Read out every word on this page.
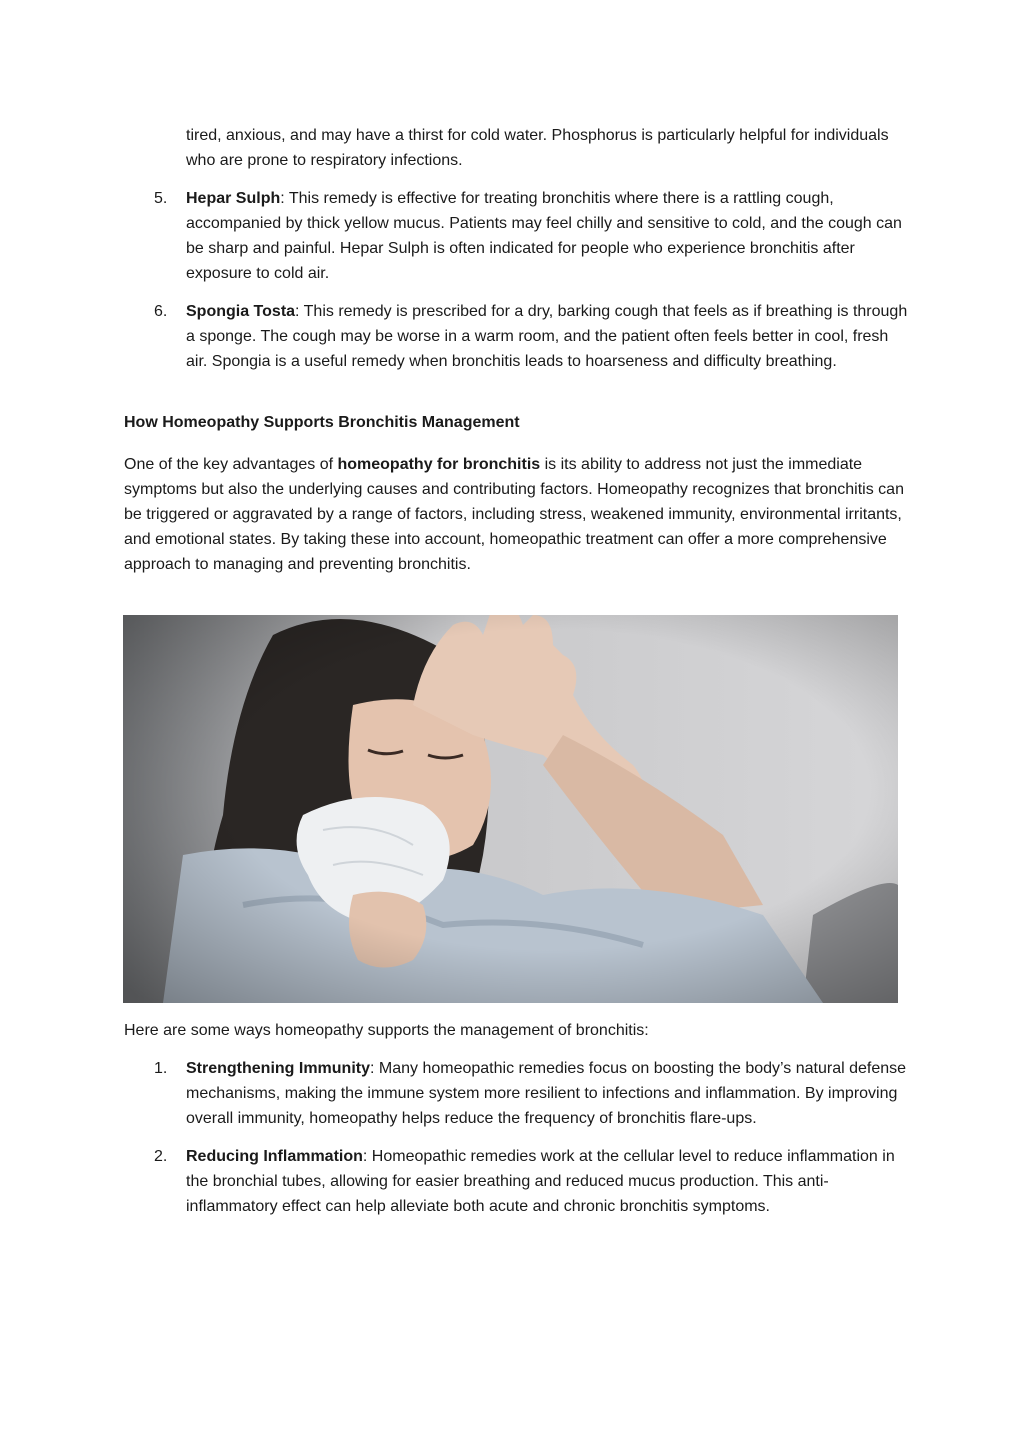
tired, anxious, and may have a thirst for cold water. Phosphorus is particularly helpful for individuals who are prone to respiratory infections.
5. Hepar Sulph: This remedy is effective for treating bronchitis where there is a rattling cough, accompanied by thick yellow mucus. Patients may feel chilly and sensitive to cold, and the cough can be sharp and painful. Hepar Sulph is often indicated for people who experience bronchitis after exposure to cold air.
6. Spongia Tosta: This remedy is prescribed for a dry, barking cough that feels as if breathing is through a sponge. The cough may be worse in a warm room, and the patient often feels better in cool, fresh air. Spongia is a useful remedy when bronchitis leads to hoarseness and difficulty breathing.
How Homeopathy Supports Bronchitis Management
One of the key advantages of homeopathy for bronchitis is its ability to address not just the immediate symptoms but also the underlying causes and contributing factors. Homeopathy recognizes that bronchitis can be triggered or aggravated by a range of factors, including stress, weakened immunity, environmental irritants, and emotional states. By taking these into account, homeopathic treatment can offer a more comprehensive approach to managing and preventing bronchitis.
Here are some ways homeopathy supports the management of bronchitis:
1. Strengthening Immunity: Many homeopathic remedies focus on boosting the body’s natural defense mechanisms, making the immune system more resilient to infections and inflammation. By improving overall immunity, homeopathy helps reduce the frequency of bronchitis flare-ups.
2. Reducing Inflammation: Homeopathic remedies work at the cellular level to reduce inflammation in the bronchial tubes, allowing for easier breathing and reduced mucus production. This anti-inflammatory effect can help alleviate both acute and chronic bronchitis symptoms.
